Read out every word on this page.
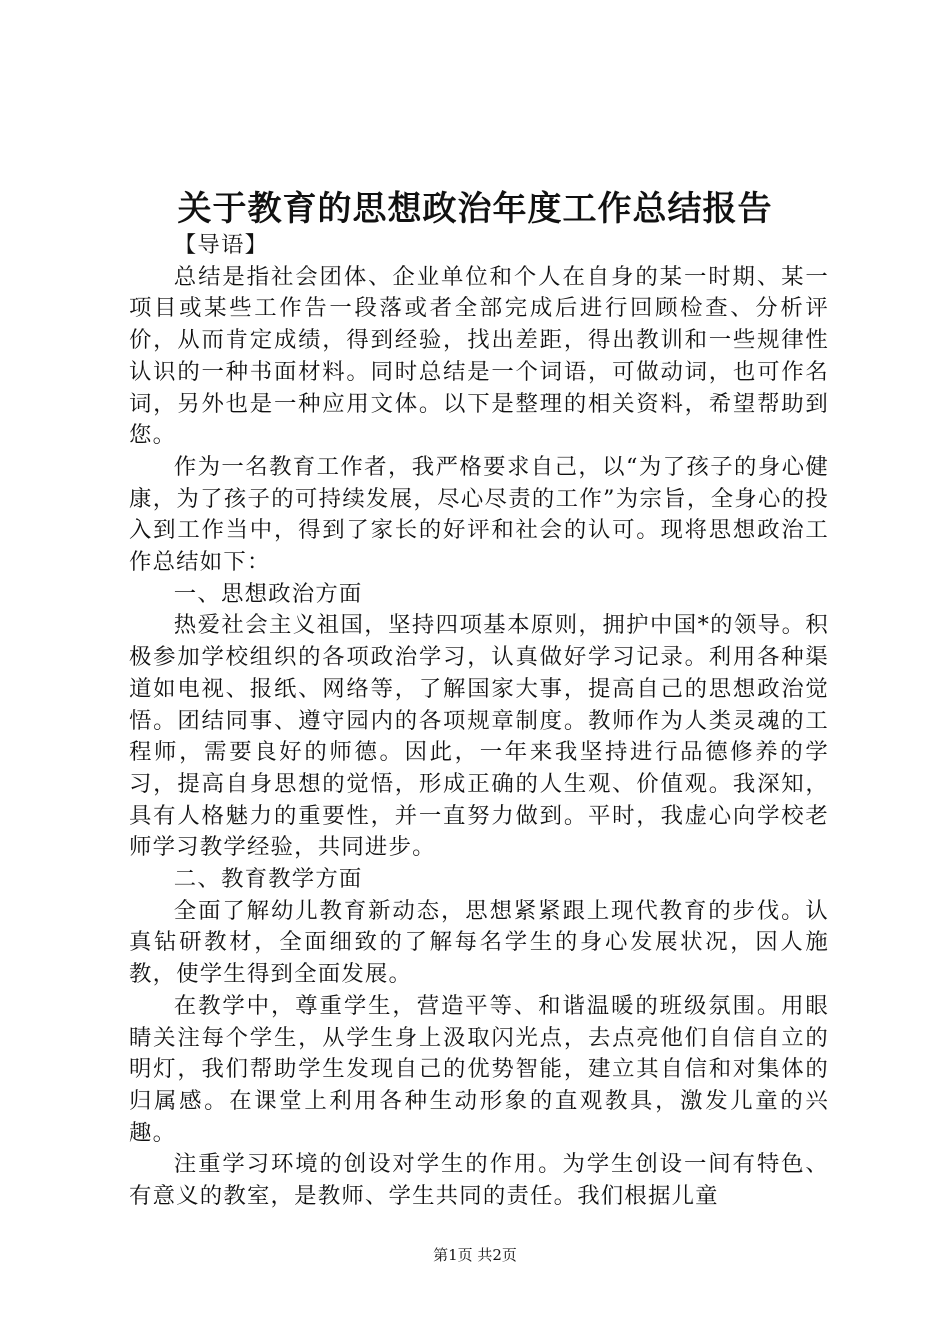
关于教育的思想政治年度工作总结报告

【导语】

总结是指社会团体、企业单位和个人在自身的某一时期、某一项目或某些工作告一段落或者全部完成后进行回顾检查、分析评价，从而肯定成绩，得到经验，找出差距，得出教训和一些规律性认识的一种书面材料。同时总结是一个词语，可做动词，也可作名词，另外也是一种应用文体。以下是整理的相关资料，希望帮助到您。

作为一名教育工作者，我严格要求自己，以“为了孩子的身心健康，为了孩子的可持续发展，尽心尽责的工作”为宗旨，全身心的投入到工作当中，得到了家长的好评和社会的认可。现将思想政治工作总结如下：

一、思想政治方面

热爱社会主义祖国，坚持四项基本原则，拥护中国*的领导。积极参加学校组织的各项政治学习，认真做好学习记录。利用各种渠道如电视、报纸、网络等，了解国家大事，提高自己的思想政治觉悟。团结同事、遵守园内的各项规章制度。教师作为人类灵魂的工程师，需要良好的师德。因此，一年来我坚持进行品德修养的学习，提高自身思想的觉悟，形成正确的人生观、价值观。我深知，具有人格魅力的重要性，并一直努力做到。平时，我虚心向学校老师学习教学经验，共同进步。

二、教育教学方面

全面了解幼儿教育新动态，思想紧紧跟上现代教育的步伐。认真钻研教材，全面细致的了解每名学生的身心发展状况，因人施教，使学生得到全面发展。

在教学中，尊重学生，营造平等、和谐温暖的班级氛围。用眼睛关注每个学生，从学生身上汲取闪光点，去点亮他们自信自立的明灯，我们帮助学生发现自己的优势智能，建立其自信和对集体的归属感。在课堂上利用各种生动形象的直观教具，激发儿童的兴趣。

注重学习环境的创设对学生的作用。为学生创设一间有特色、有意义的教室，是教师、学生共同的责任。我们根据儿童

第1页 共2页
